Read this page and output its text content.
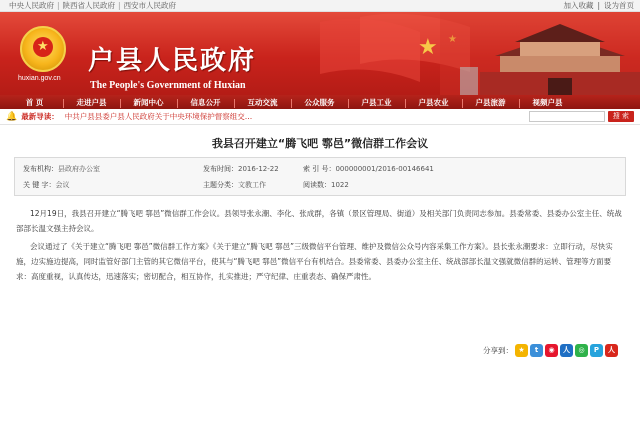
中央人民政府 | 陕西省人民政府 | 西安市人民政府	加入收藏 | 设为首页
★ ★
★
huxian.gov.cn
户县人民政府
The People's Government of Huxian
首 页	走进户县	新闻中心	信息公开	互动交流	公众服务	户县工业	户县农业	户县旅游	视频户县
🔔 最新导读： 中共户县县委户县人民政府关于中央环境保护督察组交…	搜 索
我县召开建立“腾飞吧 鄠邑”微信群工作会议
发布机构：县政府办公室	发布时间：2016-12-22	索 引 号：000000001/2016-00146641
关 键 字：会议	主题分类：文教工作	阅读数：1022

12月19日，我县召开建立“腾飞吧 鄠邑”微信群工作会议。县领导张永潮、李化、张成群，各镇（景区管理局、街道）及相关部门负责同志参加。县委常委、县委办公室主任、统战部部长温文强主持会议。

会议通过了《关于建立“腾飞吧 鄠邑”微信群工作方案》《关于建立“腾飞吧 鄠邑”三级微信平台管理、维护及微信公众号内容采集工作方案》。县长张永潮要求：立即行动，尽快实施，边实施边提高，同时监管好部门主管的其它微信平台，使其与“腾飞吧 鄠邑”微信平台有机结合。县委常委、县委办公室主任、统战部部长温文强就微信群的运转、管理等方面要求：高度重视，认真传达，迅速落实；密切配合，相互协作，扎实推进；严守纪律、庄重表态、确保严肃性。

分享到： ★	t	◉	人	◎	P	人
